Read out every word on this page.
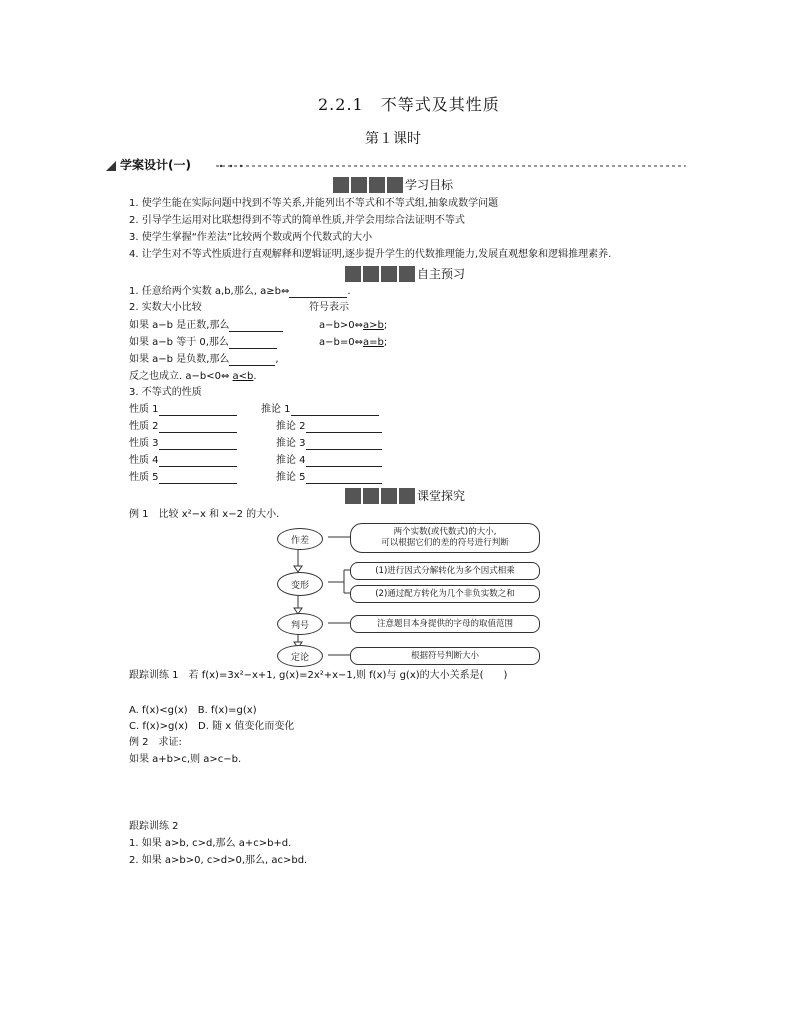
2.2.1　不等式及其性质
第１课时
学案设计(一)
学习目标
1. 使学生能在实际问题中找到不等关系,并能列出不等式和不等式组,抽象成数学问题
2. 引导学生运用对比联想得到不等式的简单性质,并学会用综合法证明不等式
3. 使学生掌握“作差法”比较两个数或两个代数式的大小
4. 让学生对不等式性质进行直观解释和逻辑证明,逐步提升学生的代数推理能力,发展直观想象和逻辑推理素养.
自主预习
1. 任意给两个实数 a,b,那么, a≥b⇔	.
2. 实数大小比较	符号表示
如果 a−b 是正数,那么	a−b>0⇔a>b;
如果 a−b 等于 0,那么	a−b=0⇔a=b;
如果 a−b 是负数,那么	,
反之也成立. a−b<0⇔ a<b.
3. 不等式的性质
性质 1	推论 1
性质 2	推论 2
性质 3	推论 3
性质 4	推论 4
性质 5	推论 5
课堂探究
例 1　比较 x²−x 和 x−2 的大小.
作差
变形
判号
定论
两个实数(或代数式)的大小,
可以根据它们的差的符号进行判断
(1)进行因式分解转化为多个因式相乘
(2)通过配方转化为几个非负实数之和
注意题目本身提供的字母的取值范围
根据符号判断大小
跟踪训练 1　若 f(x)=3x²−x+1, g(x)=2x²+x−1,则 f(x)与 g(x)的大小关系是(　　)
A. f(x)<g(x)　B. f(x)=g(x)
C. f(x)>g(x)　D. 随 x 值变化而变化
例 2　求证:
如果 a+b>c,则 a>c−b.
跟踪训练 2
1. 如果 a>b, c>d,那么 a+c>b+d.
2. 如果 a>b>0, c>d>0,那么, ac>bd.
